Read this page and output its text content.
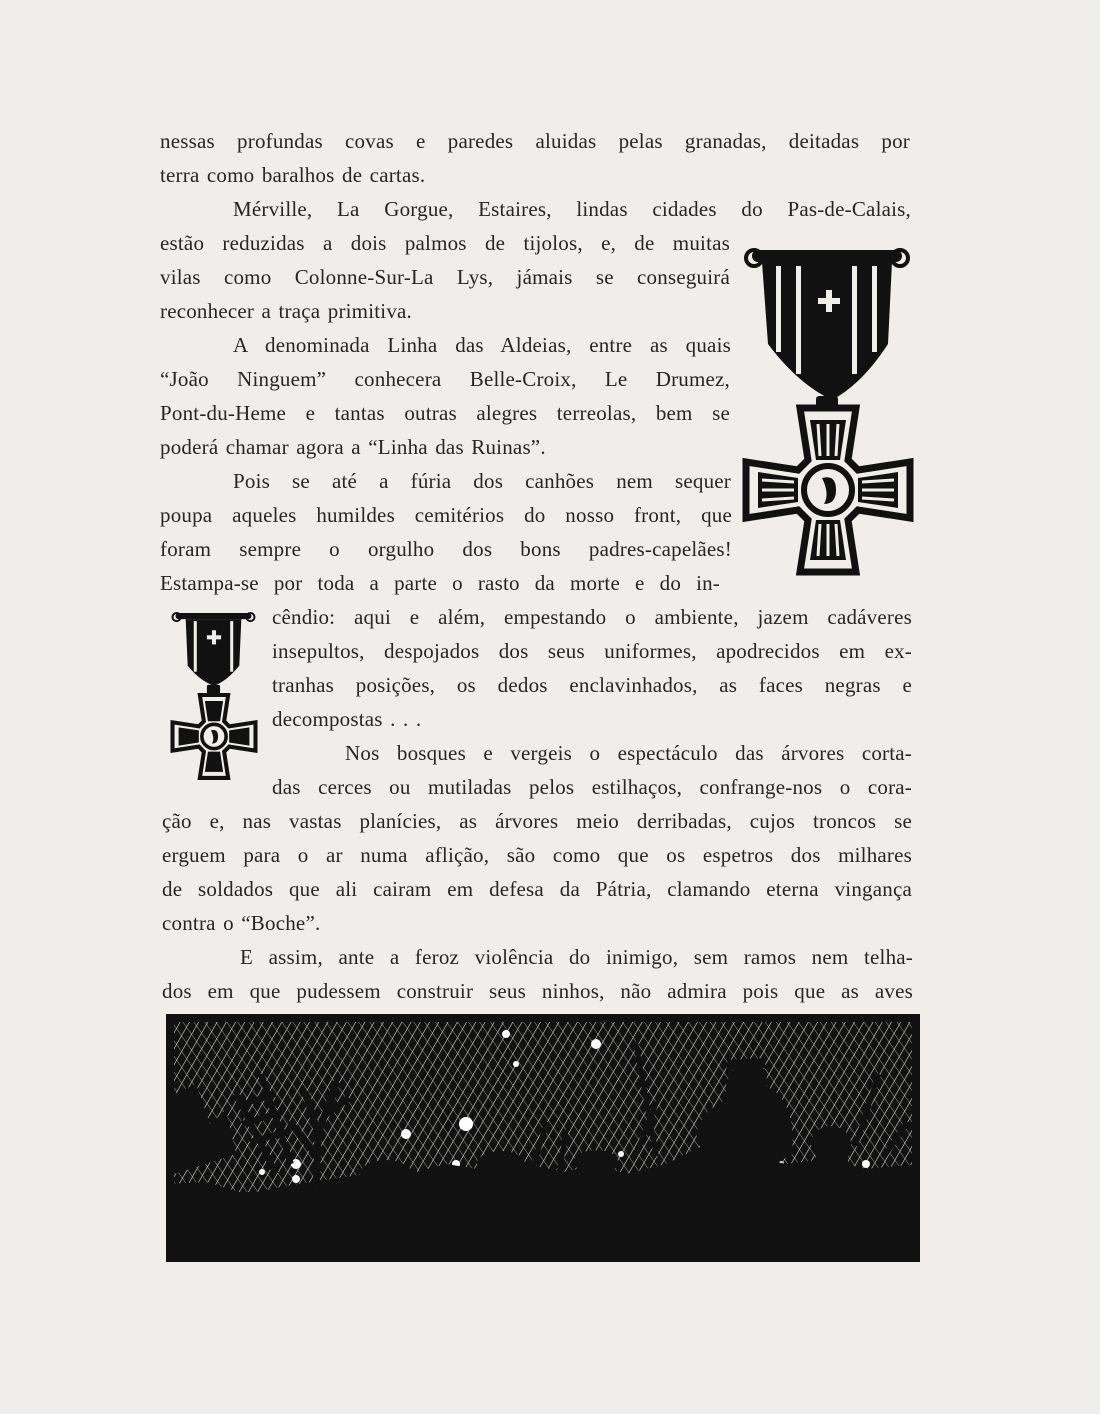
nessas profundas covas e paredes aluidas pelas granadas, deitadas por
terra como baralhos de cartas.
Mérville, La Gorgue, Estaires, lindas cidades do Pas-de-Calais,
estão reduzidas a dois palmos de tijolos, e, de muitas
vilas como Colonne-Sur-La Lys, jámais se conseguirá
reconhecer a traça primitiva.
A denominada Linha das Aldeias, entre as quais
“João Ninguem” conhecera Belle-Croix, Le Drumez,
Pont-du-Heme e tantas outras alegres terreolas, bem se
poderá chamar agora a “Linha das Ruinas”.
Pois se até a fúria dos canhões nem sequer
poupa aqueles humildes cemitérios do nosso front, que
foram sempre o orgulho dos bons padres-capelães!
Estampa-se por toda a parte o rasto da morte e do in-
cêndio: aqui e além, empestando o ambiente, jazem cadáveres
insepultos, despojados dos seus uniformes, apodrecidos em ex-
tranhas posições, os dedos enclavinhados, as faces negras e
decompostas . . .
Nos bosques e vergeis o espectáculo das árvores corta-
das cerces ou mutiladas pelos estilhaços, confrange-nos o cora-
ção e, nas vastas planícies, as árvores meio derribadas, cujos troncos se
erguem para o ar numa aflição, são como que os espetros dos milhares
de soldados que ali cairam em defesa da Pátria, clamando eterna vingança
contra o “Boche”.
E assim, ante a feroz violência do inimigo, sem ramos nem telha-
dos em que pudessem construir seus ninhos, não admira pois que as aves
